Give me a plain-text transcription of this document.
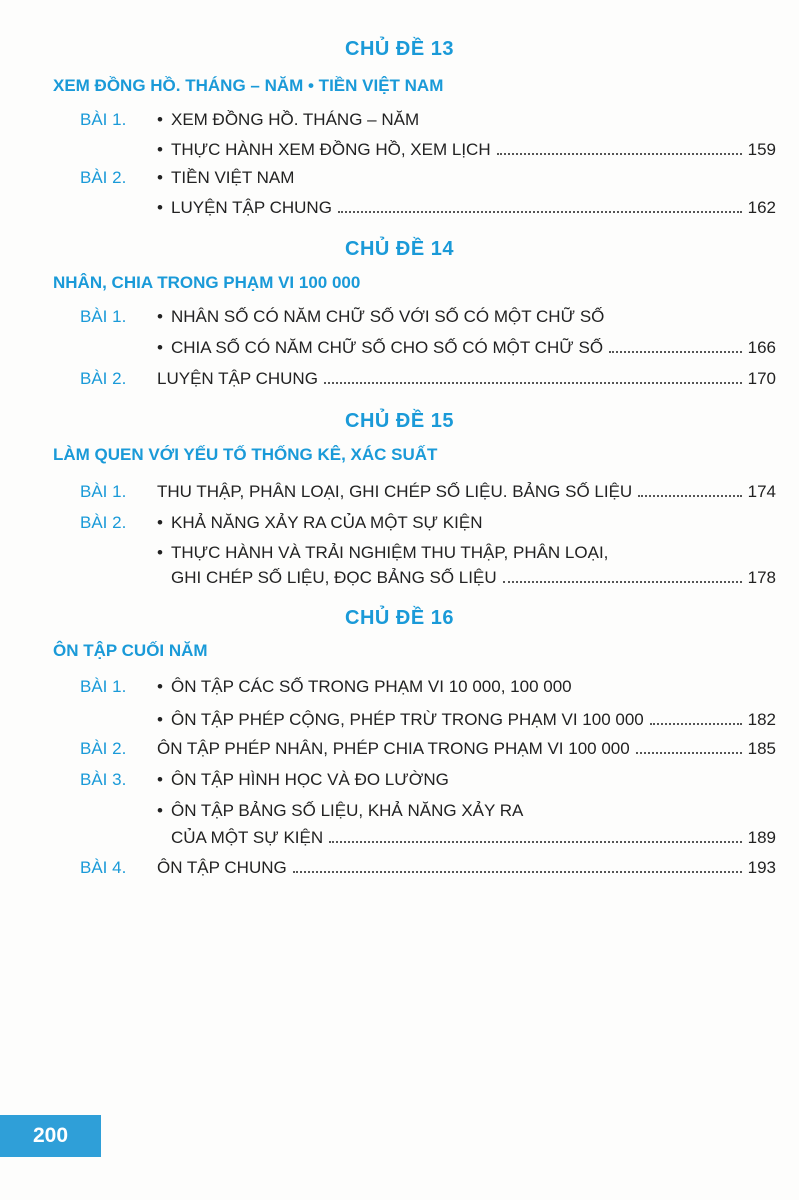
CHỦ ĐỀ 13
XEM ĐỒNG HỒ. THÁNG – NĂM • TIỀN VIỆT NAM
BÀI 1.	• XEM ĐỒNG HỒ. THÁNG – NĂM
• THỰC HÀNH XEM ĐỒNG HỒ, XEM LỊCH	159
BÀI 2.	• TIỀN VIỆT NAM
• LUYỆN TẬP CHUNG	162
CHỦ ĐỀ 14
NHÂN, CHIA TRONG PHẠM VI 100 000
BÀI 1.	• NHÂN SỐ CÓ NĂM CHỮ SỐ VỚI SỐ CÓ MỘT CHỮ SỐ
• CHIA SỐ CÓ NĂM CHỮ SỐ CHO SỐ CÓ MỘT CHỮ SỐ	166
BÀI 2.	LUYỆN TẬP CHUNG	170
CHỦ ĐỀ 15
LÀM QUEN VỚI YẾU TỐ THỐNG KÊ, XÁC SUẤT
BÀI 1.	THU THẬP, PHÂN LOẠI, GHI CHÉP SỐ LIỆU. BẢNG SỐ LIỆU	174
BÀI 2.	• KHẢ NĂNG XẢY RA CỦA MỘT SỰ KIỆN
• THỰC HÀNH VÀ TRẢI NGHIỆM THU THẬP, PHÂN LOẠI,
GHI CHÉP SỐ LIỆU, ĐỌC BẢNG SỐ LIỆU	178
CHỦ ĐỀ 16
ÔN TẬP CUỐI NĂM
BÀI 1.	• ÔN TẬP CÁC SỐ TRONG PHẠM VI 10 000, 100 000
• ÔN TẬP PHÉP CỘNG, PHÉP TRỪ TRONG PHẠM VI 100 000	182
BÀI 2.	ÔN TẬP PHÉP NHÂN, PHÉP CHIA TRONG PHẠM VI 100 000	185
BÀI 3.	• ÔN TẬP HÌNH HỌC VÀ ĐO LƯỜNG
• ÔN TẬP BẢNG SỐ LIỆU, KHẢ NĂNG XẢY RA
CỦA MỘT SỰ KIỆN	189
BÀI 4.	ÔN TẬP CHUNG	193
200
